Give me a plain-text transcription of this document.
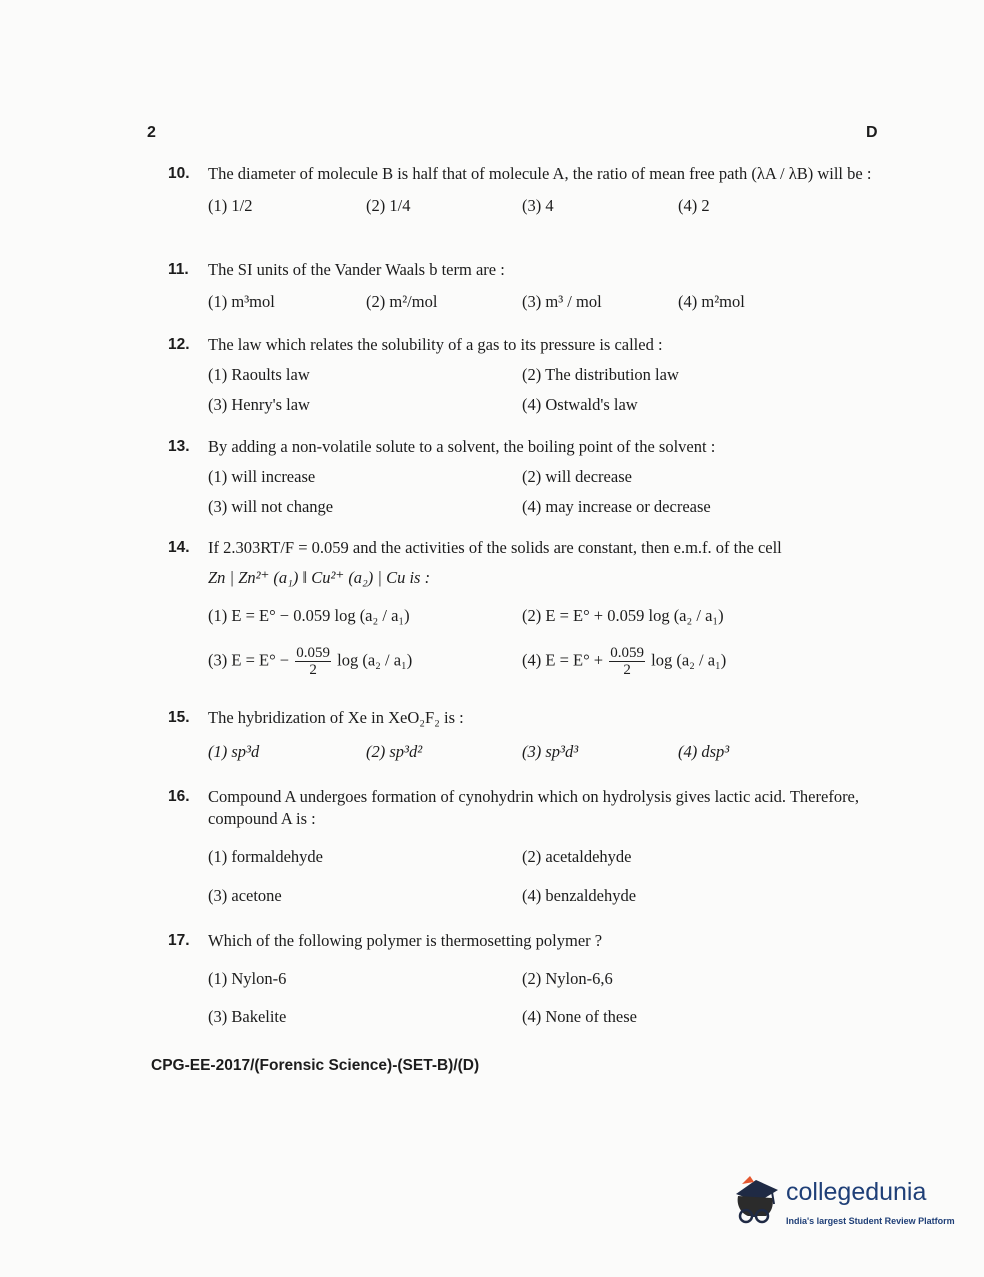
2	D
10. The diameter of molecule B is half that of molecule A, the ratio of mean free path (λA / λB) will be :
(1) 1/2	(2) 1/4	(3) 4	(4) 2
11. The SI units of the Vander Waals b term are :
(1) m³mol	(2) m²/mol	(3) m³ / mol	(4) m²mol
12. The law which relates the solubility of a gas to its pressure is called :
(1) Raoults law	(2) The distribution law
(3) Henry's law	(4) Ostwald's law
13. By adding a non-volatile solute to a solvent, the boiling point of the solvent :
(1) will increase	(2) will decrease
(3) will not change	(4) may increase or decrease
14. If 2.303RT/F = 0.059 and the activities of the solids are constant, then e.m.f. of the cell
Zn | Zn²⁺ (a₁) ‖ Cu²⁺ (a₂) | Cu is :
(1) E = E° − 0.059 log (a₂ / a₁)	(2) E = E° + 0.059 log (a₂ / a₁)
(3) $E = E^\circ - \frac{0.059}{2}$ log (a₂ / a₁)	(4) $E = E^\circ + \frac{0.059}{2}$ log (a₂ / a₁)
15. The hybridization of Xe in XeO₂F₂ is :
(1) sp³d	(2) sp³d²	(3) sp³d³	(4) dsp³
16. Compound A undergoes formation of cynohydrin which on hydrolysis gives lactic acid. Therefore, compound A is :
(1) formaldehyde	(2) acetaldehyde
(3) acetone	(4) benzaldehyde
17. Which of the following polymer is thermosetting polymer ?
(1) Nylon-6	(2) Nylon-6,6
(3) Bakelite	(4) None of these
CPG-EE-2017/(Forensic Science)-(SET-B)/(D)
collegedunia
India's largest Student Review Platform
